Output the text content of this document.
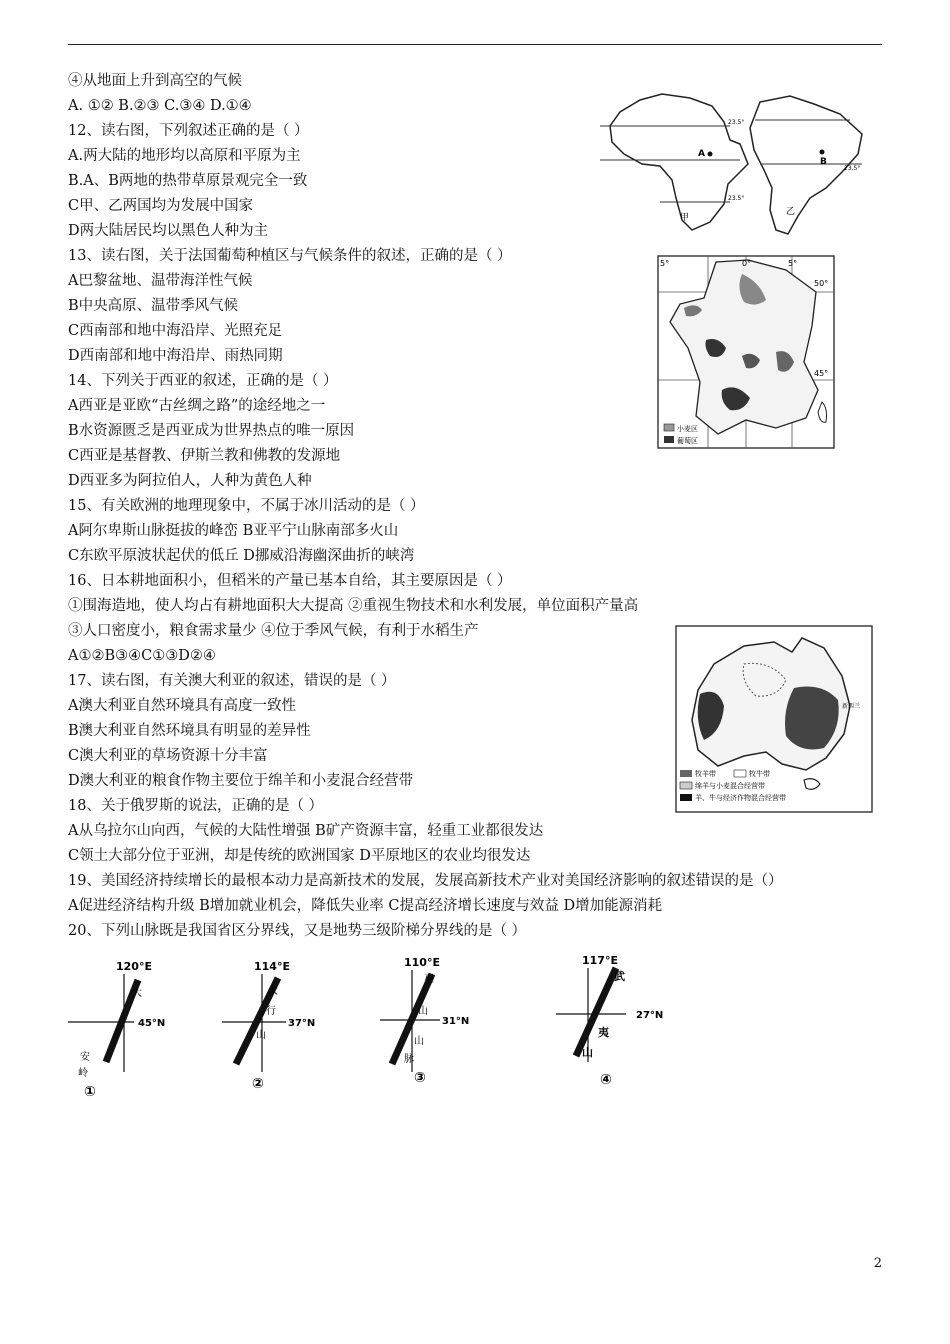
④从地面上升到高空的气候
A. ①② B.②③ C.③④ D.①④
12、读右图，下列叙述正确的是（ ）
A.两大陆的地形均以高原和平原为主
B.A、B两地的热带草原景观完全一致
C甲、乙两国均为发展中国家
D两大陆居民均以黑色人种为主
13、读右图，关于法国葡萄种植区与气候条件的叙述，正确的是（ ）
A巴黎盆地、温带海洋性气候
B中央高原、温带季风气候
C西南部和地中海沿岸、光照充足
D西南部和地中海沿岸、雨热同期
14、下列关于西亚的叙述，正确的是（ ）
A西亚是亚欧“古丝绸之路”的途经地之一
B水资源匮乏是西亚成为世界热点的唯一原因
C西亚是基督教、伊斯兰教和佛教的发源地
D西亚多为阿拉伯人，人种为黄色人种
15、有关欧洲的地理现象中，不属于冰川活动的是（ ）
A阿尔卑斯山脉挺拔的峰峦 B亚平宁山脉南部多火山
C东欧平原波状起伏的低丘 D挪威沿海幽深曲折的峡湾
16、日本耕地面积小，但稻米的产量已基本自给，其主要原因是（ ）
①围海造地，使人均占有耕地面积大大提高 ②重视生物技术和水利发展，单位面积产量高
③人口密度小，粮食需求量少 ④位于季风气候，有利于水稻生产
A①②B③④C①③D②④
17、读右图，有关澳大利亚的叙述，错误的是（ ）
A澳大利亚自然环境具有高度一致性
B澳大利亚自然环境具有明显的差异性
C澳大利亚的草场资源十分丰富
D澳大利亚的粮食作物主要位于绵羊和小麦混合经营带
18、关于俄罗斯的说法，正确的是（ ）
A从乌拉尔山向西，气候的大陆性增强 B矿产资源丰富，轻重工业都很发达
C领土大部分位于亚洲，却是传统的欧洲国家 D平原地区的农业均很发达
19、美国经济持续增长的最根本动力是高新技术的发展，发展高新技术产业对美国经济影响的叙述错误的是（）
A促进经济结构升级 B增加就业机会，降低失业率 C提高经济增长速度与效益 D增加能源消耗
20、下列山脉既是我国省区分界线，又是地势三级阶梯分界线的是（ ）
23.5°
23.5°
23.5°
A
B
甲
乙
5°	0°	5°
50°
45°
小麦区
葡萄区
新西兰
牧羊带	牧牛带
绵羊与小麦混合经营带
羊、牛与经济作物混合经营带
120°E
45°N
大
安
岭
①
114°E
37°N
太
行
山
②
110°E
31°N
巫
山
山
脉
③
117°E
27°N
武
夷
山
④
2
